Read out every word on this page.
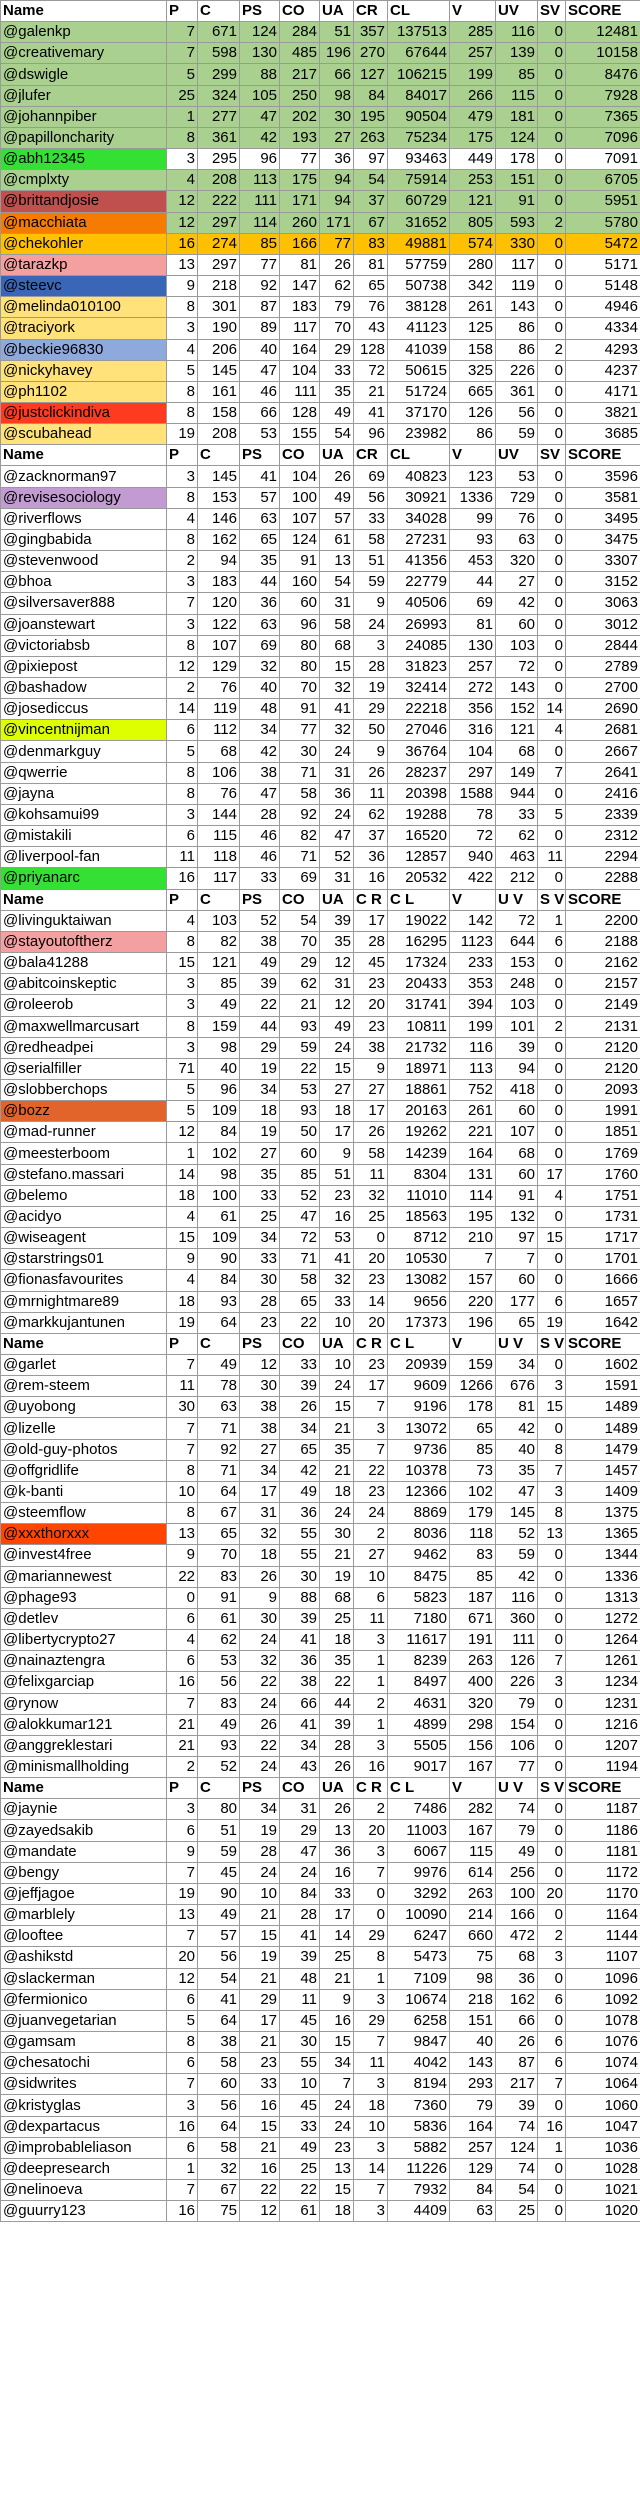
Name	P	C	PS	CO	UA	CR	CL	V	UV	SV	SCORE
@galenkp	7	671	124	284	51	357	137513	285	116	0	12481
@creativemary	7	598	130	485	196	270	67644	257	139	0	10158
@dswigle	5	299	88	217	66	127	106215	199	85	0	8476
@jlufer	25	324	105	250	98	84	84017	266	115	0	7928
@johannpiber	1	277	47	202	30	195	90504	479	181	0	7365
@papillonсharity	8	361	42	193	27	263	75234	175	124	0	7096
@abh12345	3	295	96	77	36	97	93463	449	178	0	7091
@cmplxty	4	208	113	175	94	54	75914	253	151	0	6705
@brittandjosie	12	222	111	171	94	37	60729	121	91	0	5951
@macchiata	12	297	114	260	171	67	31652	805	593	2	5780
@chekohler	16	274	85	166	77	83	49881	574	330	0	5472
@tarazkp	13	297	77	81	26	81	57759	280	117	0	5171
@steevc	9	218	92	147	62	65	50738	342	119	0	5148
@melinda010100	8	301	87	183	79	76	38128	261	143	0	4946
@traciyork	3	190	89	117	70	43	41123	125	86	0	4334
@beckie96830	4	206	40	164	29	128	41039	158	86	2	4293
@nickyhavey	5	145	47	104	33	72	50615	325	226	0	4237
@ph1102	8	161	46	111	35	21	51724	665	361	0	4171
@justclickindiva	8	158	66	128	49	41	37170	126	56	0	3821
@scubahead	19	208	53	155	54	96	23982	86	59	0	3685
Name	P	C	PS	CO	UA	CR	CL	V	UV	SV	SCORE
@zacknorman97	3	145	41	104	26	69	40823	123	53	0	3596
@revisesociology	8	153	57	100	49	56	30921	1336	729	0	3581
@riverflows	4	146	63	107	57	33	34028	99	76	0	3495
@gingbabida	8	162	65	124	61	58	27231	93	63	0	3475
@stevenwood	2	94	35	91	13	51	41356	453	320	0	3307
@bhoa	3	183	44	160	54	59	22779	44	27	0	3152
@silversaver888	7	120	36	60	31	9	40506	69	42	0	3063
@joanstewart	3	122	63	96	58	24	26993	81	60	0	3012
@victoriabsb	8	107	69	80	68	3	24085	130	103	0	2844
@pixiepost	12	129	32	80	15	28	31823	257	72	0	2789
@bashadow	2	76	40	70	32	19	32414	272	143	0	2700
@josediccus	14	119	48	91	41	29	22218	356	152	14	2690
@vincentnijman	6	112	34	77	32	50	27046	316	121	4	2681
@denmarkguy	5	68	42	30	24	9	36764	104	68	0	2667
@qwerrie	8	106	38	71	31	26	28237	297	149	7	2641
@jayna	8	76	47	58	36	11	20398	1588	944	0	2416
@kohsamui99	3	144	28	92	24	62	19288	78	33	5	2339
@mistakili	6	115	46	82	47	37	16520	72	62	0	2312
@liverpool-fan	11	118	46	71	52	36	12857	940	463	11	2294
@priyanarc	16	117	33	69	31	16	20532	422	212	0	2288
Name	P	C	PS	CO	UA	C R	C L	V	U V	S V	SCORE
@livinguktaіwan	4	103	52	54	39	17	19022	142	72	1	2200
@stayoutoftherz	8	82	38	70	35	28	16295	1123	644	6	2188
@bala41288	15	121	49	29	12	45	17324	233	153	0	2162
@abitcoinskeptic	3	85	39	62	31	23	20433	353	248	0	2157
@roleerob	3	49	22	21	12	20	31741	394	103	0	2149
@maxwellmarcusart	8	159	44	93	49	23	10811	199	101	2	2131
@redheadpei	3	98	29	59	24	38	21732	116	39	0	2120
@serialfiller	71	40	19	22	15	9	18971	113	94	0	2120
@slobberchops	5	96	34	53	27	27	18861	752	418	0	2093
@bozz	5	109	18	93	18	17	20163	261	60	0	1991
@mad-runner	12	84	19	50	17	26	19262	221	107	0	1851
@meesterboom	1	102	27	60	9	58	14239	164	68	0	1769
@stefano.massari	14	98	35	85	51	11	8304	131	60	17	1760
@belemo	18	100	33	52	23	32	11010	114	91	4	1751
@acidyo	4	61	25	47	16	25	18563	195	132	0	1731
@wiseagent	15	109	34	72	53	0	8712	210	97	15	1717
@starstrings01	9	90	33	71	41	20	10530	7	7	0	1701
@fionasfavourites	4	84	30	58	32	23	13082	157	60	0	1666
@mrnightmare89	18	93	28	65	33	14	9656	220	177	6	1657
@markkujantunen	19	64	23	22	10	20	17373	196	65	19	1642
Name	P	C	PS	CO	UA	C R	C L	V	U V	S V	SCORE
@garlet	7	49	12	33	10	23	20939	159	34	0	1602
@rem-steem	11	78	30	39	24	17	9609	1266	676	3	1591
@uyobong	30	63	38	26	15	7	9196	178	81	15	1489
@lizelle	7	71	38	34	21	3	13072	65	42	0	1489
@old-guy-photos	7	92	27	65	35	7	9736	85	40	8	1479
@offgridlife	8	71	34	42	21	22	10378	73	35	7	1457
@k-banti	10	64	17	49	18	23	12366	102	47	3	1409
@steemflow	8	67	31	36	24	24	8869	179	145	8	1375
@xxxthorxxx	13	65	32	55	30	2	8036	118	52	13	1365
@invest4free	9	70	18	55	21	27	9462	83	59	0	1344
@mariannewest	22	83	26	30	19	10	8475	85	42	0	1336
@phage93	0	91	9	88	68	6	5823	187	116	0	1313
@detlev	6	61	30	39	25	11	7180	671	360	0	1272
@libertycrypto27	4	62	24	41	18	3	11617	191	111	0	1264
@nainaztengra	6	53	32	36	35	1	8239	263	126	7	1261
@felixgarciap	16	56	22	38	22	1	8497	400	226	3	1234
@rynow	7	83	24	66	44	2	4631	320	79	0	1231
@alokkumar121	21	49	26	41	39	1	4899	298	154	0	1216
@anggreklestari	21	93	22	34	28	3	5505	156	106	0	1207
@minismallholding	2	52	24	43	26	16	9017	167	77	0	1194
Name	P	C	PS	CO	UA	C R	C L	V	U V	S V	SCORE
@jaynie	3	80	34	31	26	2	7486	282	74	0	1187
@zayedsakib	6	51	19	29	13	20	11003	167	79	0	1186
@mandate	9	59	28	47	36	3	6067	115	49	0	1181
@bengy	7	45	24	24	16	7	9976	614	256	0	1172
@jeffjagoe	19	90	10	84	33	0	3292	263	100	20	1170
@marblely	13	49	21	28	17	0	10090	214	166	0	1164
@looftee	7	57	15	41	14	29	6247	660	472	2	1144
@ashikstd	20	56	19	39	25	8	5473	75	68	3	1107
@slackerman	12	54	21	48	21	1	7109	98	36	0	1096
@fermionico	6	41	29	11	9	3	10674	218	162	6	1092
@juanvegetarian	5	64	17	45	16	29	6258	151	66	0	1078
@gamsam	8	38	21	30	15	7	9847	40	26	6	1076
@chesatochi	6	58	23	55	34	11	4042	143	87	6	1074
@sidwrites	7	60	33	10	7	3	8194	293	217	7	1064
@kristyglas	3	56	16	45	24	18	7360	79	39	0	1060
@dexpartacus	16	64	15	33	24	10	5836	164	74	16	1047
@improbableliason	6	58	21	49	23	3	5882	257	124	1	1036
@deepresearch	1	32	16	25	13	14	11226	129	74	0	1028
@nelinoeva	7	67	22	22	15	7	7932	84	54	0	1021
@guurry123	16	75	12	61	18	3	4409	63	25	0	1020
